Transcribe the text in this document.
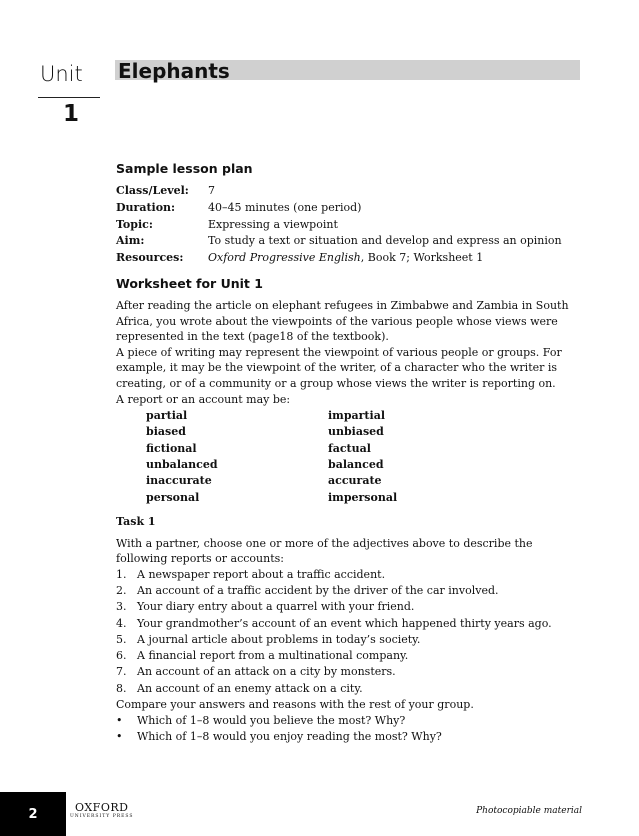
Unit
1
Elephants
Sample lesson plan
Class/Level:	7
Duration:	40–45 minutes (one period)
Topic:	Expressing a viewpoint
Aim:	To study a text or situation and develop and express an opinion
Resources:	Oxford Progressive English, Book 7; Worksheet 1
Worksheet for Unit 1

After reading the article on elephant refugees in Zimbabwe and Zambia in South Africa, you wrote about the viewpoints of the various people whose views were represented in the text (page18 of the textbook).

A piece of writing may represent the viewpoint of various people or groups. For example, it may be the viewpoint of the writer, of a character who the writer is creating, or of a community or a group whose views the writer is reporting on.

A report or an account may be:

partial	impartial
biased	unbiased
fictional	factual
unbalanced	balanced
inaccurate	accurate
personal	impersonal
Task 1

With a partner, choose one or more of the adjectives above to describe the following reports or accounts:

1. A newspaper report about a traffic accident.
2. An account of a traffic accident by the driver of the car involved.
3. Your diary entry about a quarrel with your friend.
4. Your grandmother’s account of an event which happened thirty years ago.
5. A journal article about problems in today’s society.
6. A financial report from a multinational company.
7. An account of an attack on a city by monsters.
8. An account of an enemy attack on a city.

Compare your answers and reasons with the rest of your group.

•	Which of 1–8 would you believe the most? Why?
•	Which of 1–8 would you enjoy reading the most? Why?
2	OXFORD
UNIVERSITY PRESS
Photocopiable material
